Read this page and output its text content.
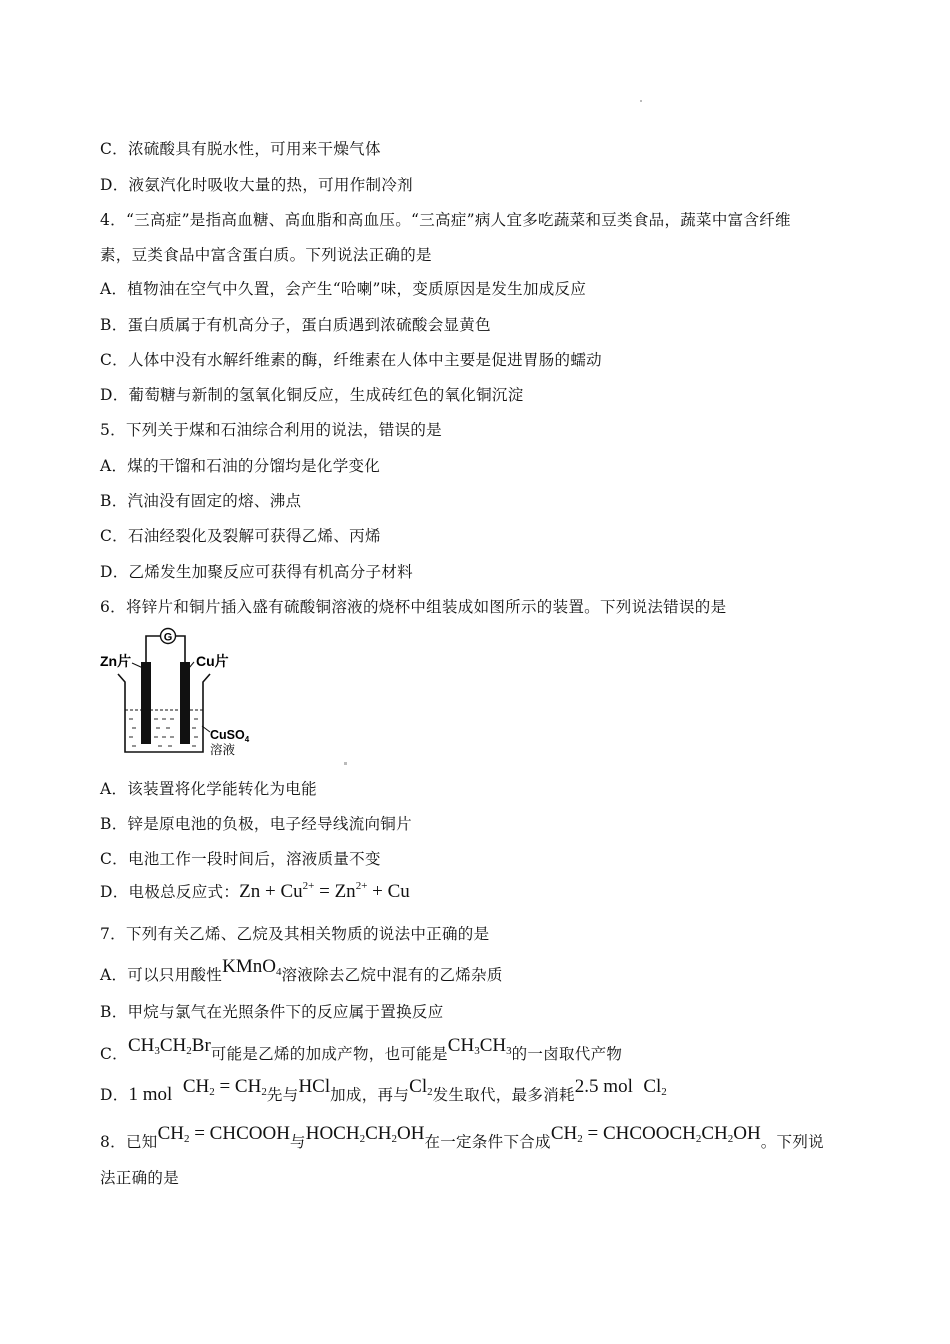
C．浓硫酸具有脱水性，可用来干燥气体
D．液氨汽化时吸收大量的热，可用作制冷剂
4．“三高症”是指高血糖、高血脂和高血压。“三高症”病人宜多吃蔬菜和豆类食品，蔬菜中富含纤维
素，豆类食品中富含蛋白质。下列说法正确的是
A．植物油在空气中久置，会产生“哈喇”味，变质原因是发生加成反应
B．蛋白质属于有机高分子，蛋白质遇到浓硫酸会显黄色
C．人体中没有水解纤维素的酶，纤维素在人体中主要是促进胃肠的蠕动
D．葡萄糖与新制的氢氧化铜反应，生成砖红色的氧化铜沉淀
5．下列关于煤和石油综合利用的说法，错误的是
A．煤的干馏和石油的分馏均是化学变化
B．汽油没有固定的熔、沸点
C．石油经裂化及裂解可获得乙烯、丙烯
D．乙烯发生加聚反应可获得有机高分子材料
6．将锌片和铜片插入盛有硫酸铜溶液的烧杯中组装成如图所示的装置。下列说法错误的是
G
Zn片	Cu片
CuSO$_4$
溶液
A．该装置将化学能转化为电能
B．锌是原电池的负极，电子经导线流向铜片
C．电池工作一段时间后，溶液质量不变
D．电极总反应式：$Zn + Cu^{2+} = Zn^{2+} + Cu$
7．下列有关乙烯、乙烷及其相关物质的说法中正确的是
A．可以只用酸性KMnO$_4$溶液除去乙烷中混有的乙烯杂质
B．甲烷与氯气在光照条件下的反应属于置换反应
C．$CH_3CH_2Br$可能是乙烯的加成产物，也可能是$CH_3CH_3$的一卤取代产物
D．1 mol $CH_2 = CH_2$先与HCl加成，再与$Cl_2$发生取代，最多消耗2.5 mol $Cl_2$
8．已知$CH_2$ = CHCOOH与$HOCH_2CH_2OH$在一定条件下合成$CH_2$ = $CHCOOCH_2CH_2OH$。下列说
法正确的是
